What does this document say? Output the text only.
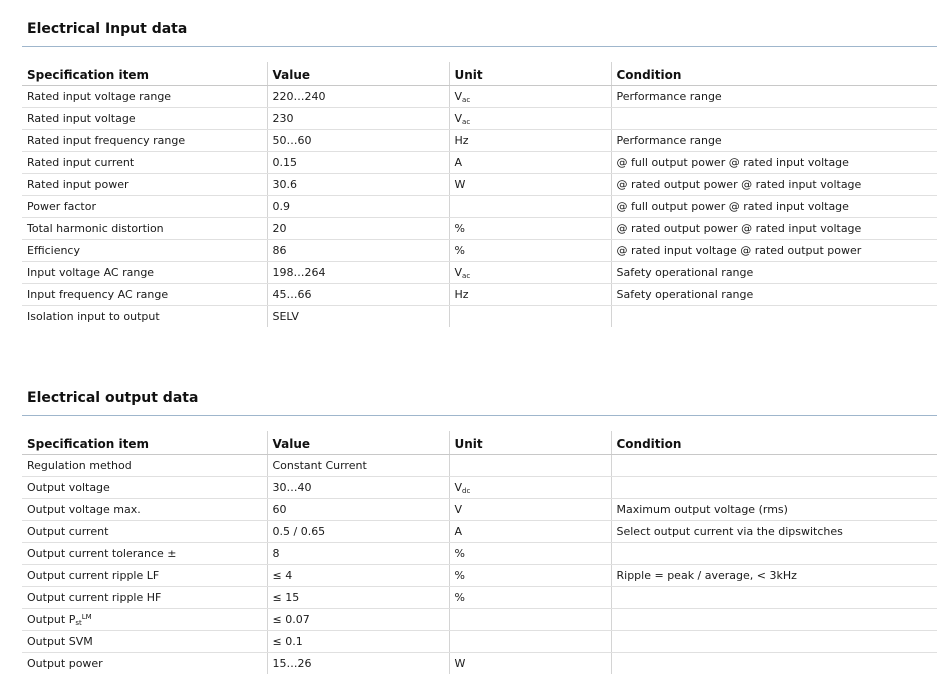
Electrical Input data
Specification item	Value	Unit	Condition
Rated input voltage range	220…240	$V_{ac}$	Performance range
Rated input voltage	230	$V_{ac}$	
Rated input frequency range	50…60	Hz	Performance range
Rated input current	0.15	A	@ full output power @ rated input voltage
Rated input power	30.6	W	@ rated output power @ rated input voltage
Power factor	0.9		@ full output power @ rated input voltage
Total harmonic distortion	20	%	@ rated output power @ rated input voltage
Efficiency	86	%	@ rated input voltage @ rated output power
Input voltage AC range	198…264	$V_{ac}$	Safety operational range
Input frequency AC range	45…66	Hz	Safety operational range
Isolation input to output	SELV		
Electrical output data
Specification item	Value	Unit	Condition
Regulation method	Constant Current		
Output voltage	30…40	$V_{dc}$	
Output voltage max.	60	V	Maximum output voltage (rms)
Output current	0.5 / 0.65	A	Select output current via the dipswitches
Output current tolerance ±	8	%	
Output current ripple LF	≤ 4	%	Ripple = peak / average, < 3kHz
Output current ripple HF	≤ 15	%	
Output $P_{st}^{LM}$	≤ 0.07		
Output SVM	≤ 0.1		
Output power	15…26	W	
